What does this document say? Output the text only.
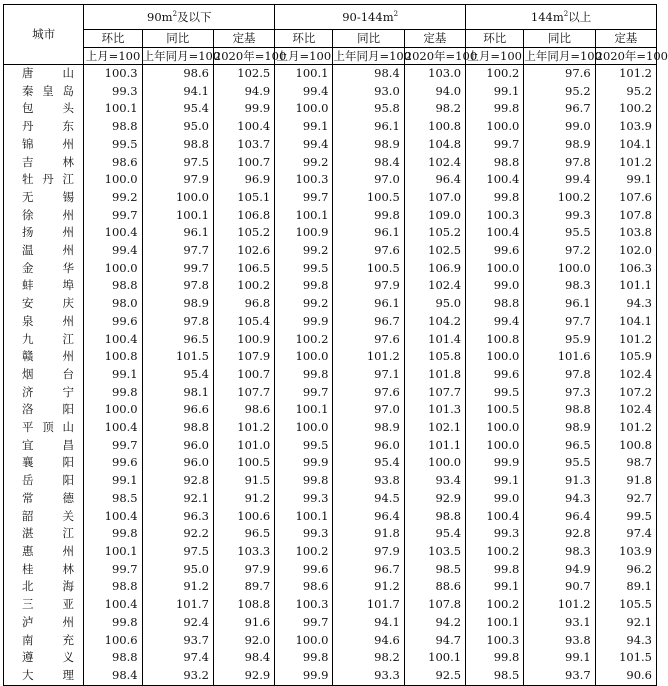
城市	$90m^2$及以下			$90-144m^2$			$144m^2$以上		
	环比	同比	定基	环比	同比	定基	环比	同比	定基
	上月=100	上年同月=100	2020年=100	上月=100	上年同月=100	2020年=100	上月=100	上年同月=100	2020年=100
唐山	100.3	98.6	102.5	100.1	98.4	103.0	100.2	97.6	101.2
秦皇岛	99.3	94.1	94.9	99.4	93.0	94.0	99.1	95.2	95.2
包头	100.1	95.4	99.9	100.0	95.8	98.2	99.8	96.7	100.2
丹东	98.8	95.0	100.4	99.1	96.1	100.8	100.0	99.0	103.9
锦州	99.5	98.8	103.7	99.4	98.9	104.8	99.7	98.9	104.1
吉林	98.6	97.5	100.7	99.2	98.4	102.4	98.8	97.8	101.2
牡丹江	100.0	97.9	96.9	100.3	97.0	96.4	100.4	99.4	99.1
无锡	99.2	100.0	105.1	99.7	100.5	107.0	99.8	100.2	107.6
徐州	99.7	100.1	106.8	100.1	99.8	109.0	100.3	99.3	107.8
扬州	100.4	96.1	105.2	100.9	96.1	105.2	100.4	95.5	103.8
温州	99.4	97.7	102.6	99.2	97.6	102.5	99.6	97.2	102.0
金华	100.0	99.7	106.5	99.5	100.5	106.9	100.0	100.0	106.3
蚌埠	98.8	97.8	100.2	99.8	97.9	102.4	99.0	98.3	101.1
安庆	98.0	98.9	96.8	99.2	96.1	95.0	98.8	96.1	94.3
泉州	99.6	97.8	105.4	99.9	96.7	104.2	99.4	97.7	104.1
九江	100.4	96.5	100.9	100.2	97.6	101.4	100.8	95.9	101.2
赣州	100.8	101.5	107.9	100.0	101.2	105.8	100.0	101.6	105.9
烟台	99.1	95.4	100.7	99.8	97.1	101.8	99.6	97.8	102.4
济宁	99.8	98.1	107.7	99.7	97.6	107.7	99.5	97.3	107.2
洛阳	100.0	96.6	98.6	100.1	97.0	101.3	100.5	98.8	102.4
平顶山	100.4	98.8	101.2	100.0	98.9	102.1	100.0	98.9	101.2
宜昌	99.7	96.0	101.0	99.5	96.0	101.1	100.0	96.5	100.8
襄阳	99.6	96.0	100.5	99.9	95.4	100.0	99.9	95.5	98.7
岳阳	99.1	92.8	91.5	99.8	93.8	93.4	99.1	91.3	91.8
常德	98.5	92.1	91.2	99.3	94.5	92.9	99.0	94.3	92.7
韶关	100.4	96.3	100.6	100.1	96.4	98.8	100.4	96.4	99.5
湛江	99.8	92.2	96.5	99.3	91.8	95.4	99.3	92.8	97.4
惠州	100.1	97.5	103.3	100.2	97.9	103.5	100.2	98.3	103.9
桂林	99.7	95.0	97.9	99.6	96.7	98.5	99.8	94.9	96.2
北海	98.8	91.2	89.7	98.6	91.2	88.6	99.1	90.7	89.1
三亚	100.4	101.7	108.8	100.3	101.7	107.8	100.2	101.2	105.5
泸州	99.8	92.4	91.6	99.7	94.1	94.2	100.1	93.1	92.1
南充	100.6	93.7	92.0	100.0	94.6	94.7	100.3	93.8	94.3
遵义	98.8	97.4	98.4	99.8	98.2	100.1	99.8	99.1	101.5
大理	98.4	93.2	92.9	99.9	93.3	92.5	98.5	93.7	90.6
